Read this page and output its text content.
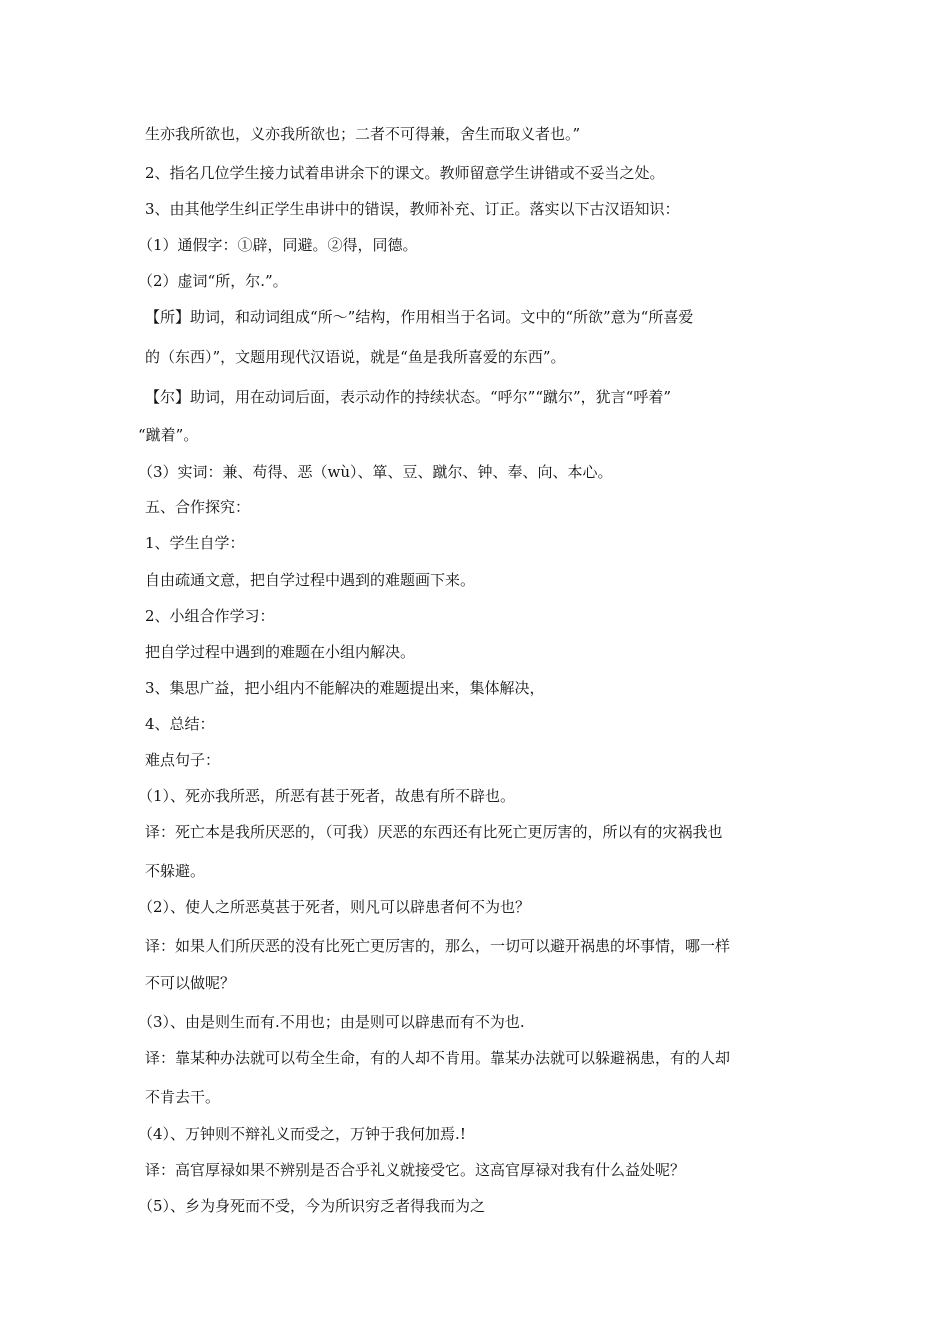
生亦我所欲也，义亦我所欲也；二者不可得兼，舍生而取义者也。”
2、指名几位学生接力试着串讲余下的课文。教师留意学生讲错或不妥当之处。
3、由其他学生纠正学生串讲中的错误，教师补充、订正。落实以下古汉语知识：
（1）通假字：①辟，同避。②得，同德。
（2）虚词“所，尔.”。
【所】助词，和动词组成“所～”结构，作用相当于名词。文中的“所欲”意为“所喜爱
的（东西）”，文题用现代汉语说，就是“鱼是我所喜爱的东西”。
【尔】助词，用在动词后面，表示动作的持续状态。“呼尔”“蹴尔”，犹言“呼着”
“蹴着”。
（3）实词：兼、苟得、恶（wù）、箪、豆、蹴尔、钟、奉、向、本心。
五、合作探究：
1、学生自学：
自由疏通文意，把自学过程中遇到的难题画下来。
2、小组合作学习：
把自学过程中遇到的难题在小组内解决。
3、集思广益，把小组内不能解决的难题提出来，集体解决，
4、总结：
难点句子：
（1）、死亦我所恶，所恶有甚于死者，故患有所不辟也。
译：死亡本是我所厌恶的，（可我）厌恶的东西还有比死亡更厉害的，所以有的灾祸我也
不躲避。
（2）、使人之所恶莫甚于死者，则凡可以辟患者何不为也？
译：如果人们所厌恶的没有比死亡更厉害的，那么，一切可以避开祸患的坏事情，哪一样
不可以做呢？
（3）、由是则生而有.不用也；由是则可以辟患而有不为也.
译：靠某种办法就可以苟全生命，有的人却不肯用。靠某办法就可以躲避祸患，有的人却
不肯去干。
（4）、万钟则不辩礼义而受之，万钟于我何加焉.!
译：高官厚禄如果不辨别是否合乎礼义就接受它。这高官厚禄对我有什么益处呢？
（5）、乡为身死而不受，今为所识穷乏者得我而为之
